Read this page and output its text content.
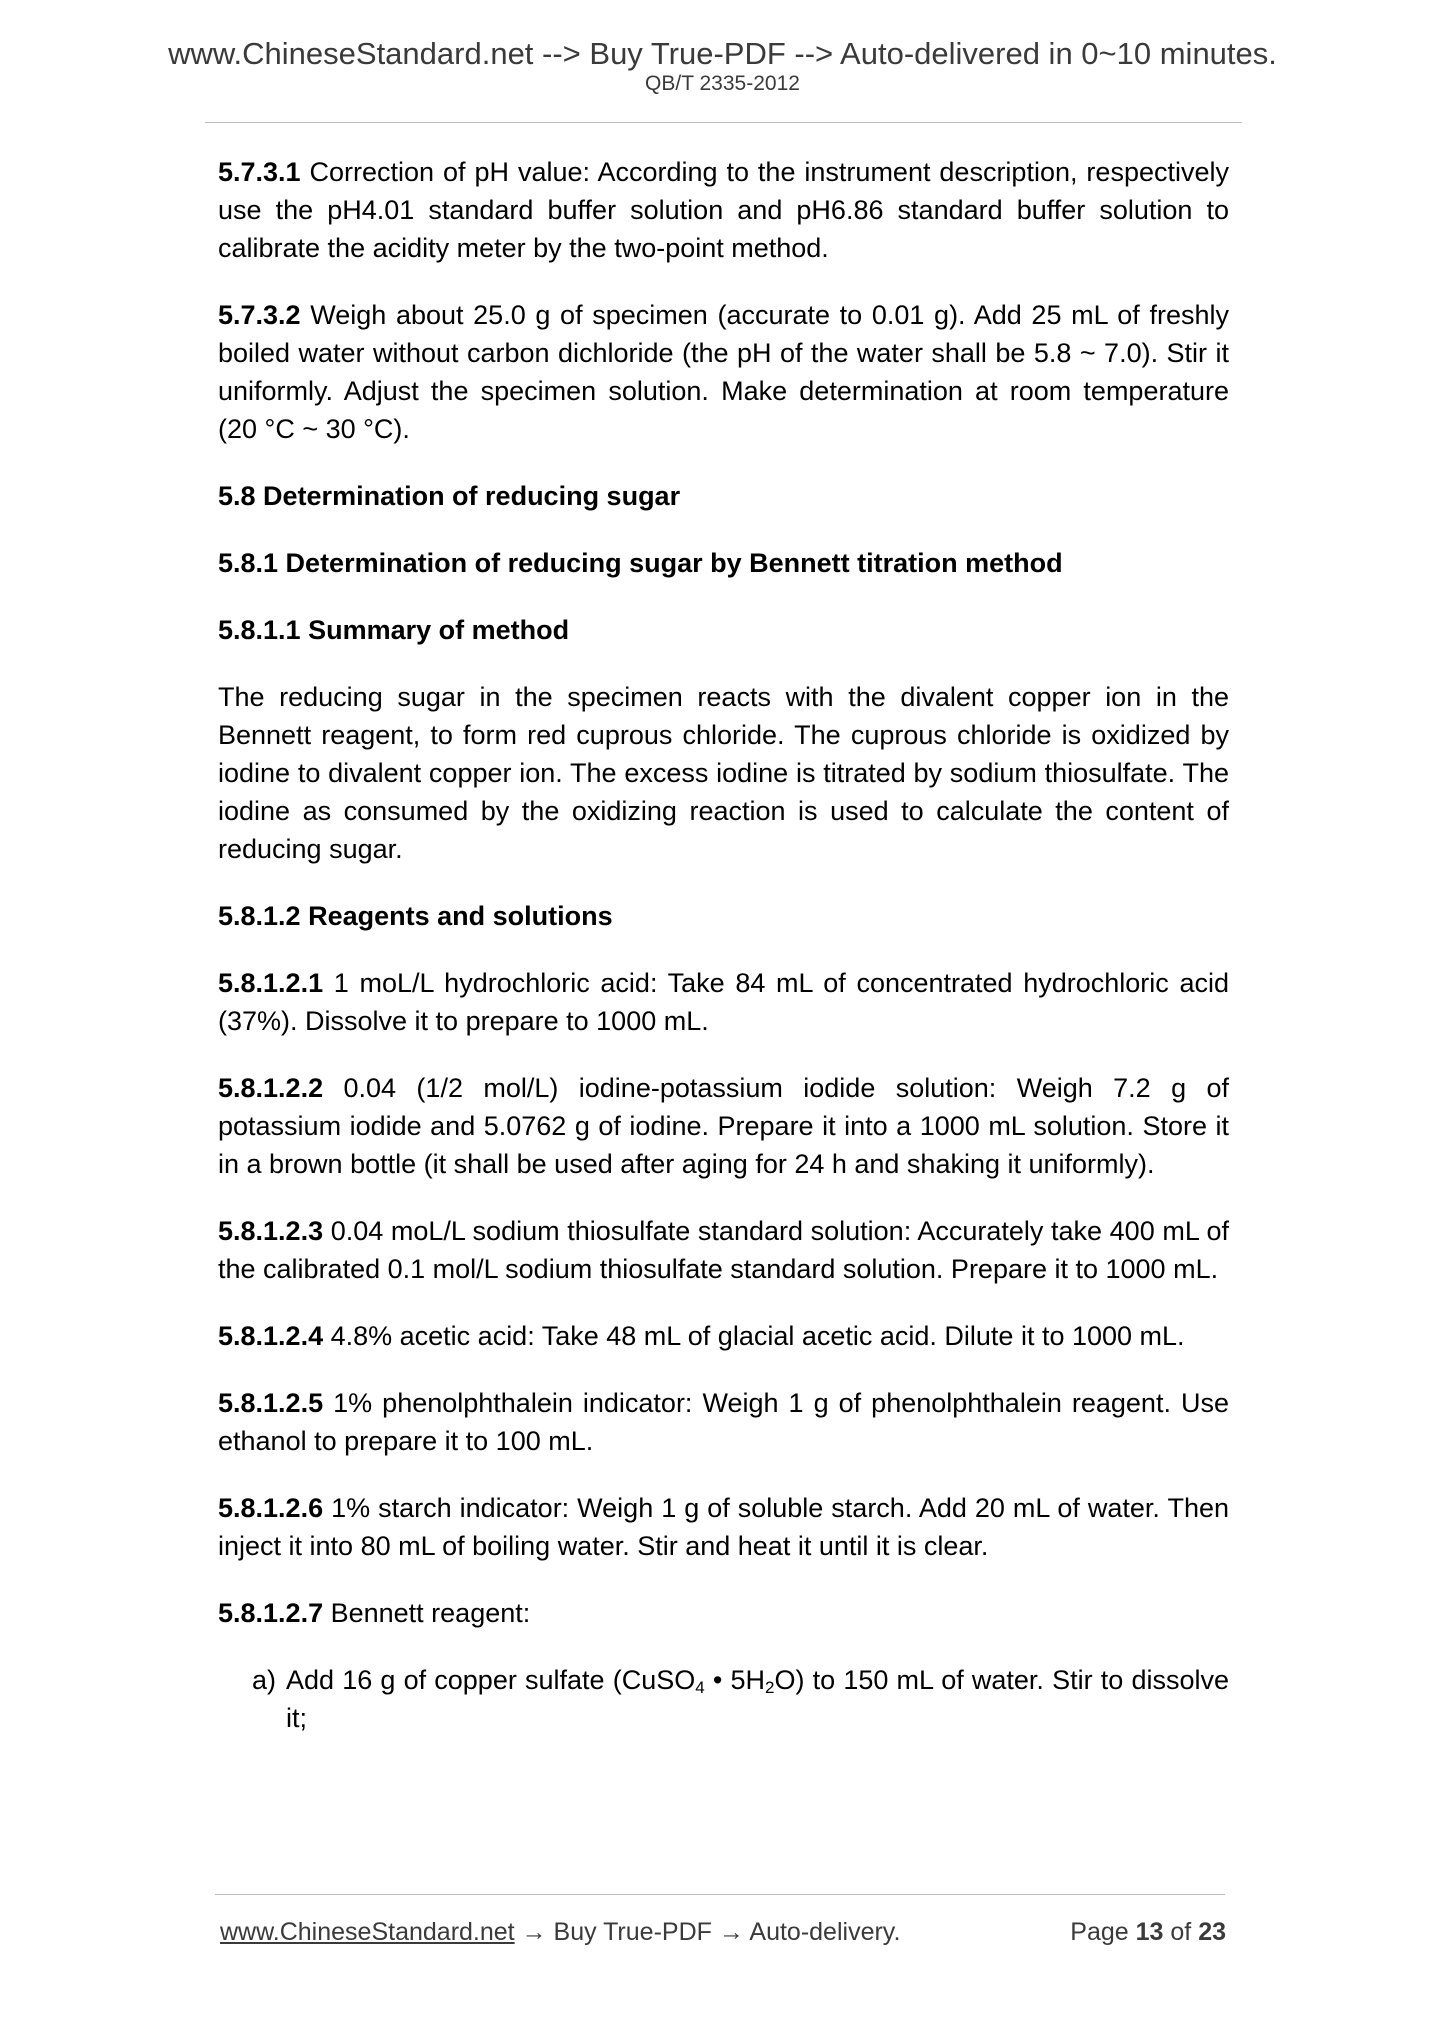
www.ChineseStandard.net --> Buy True-PDF --> Auto-delivered in 0~10 minutes.
QB/T 2335-2012

5.7.3.1 Correction of pH value: According to the instrument description, respectively use the pH4.01 standard buffer solution and pH6.86 standard buffer solution to calibrate the acidity meter by the two-point method.

5.7.3.2 Weigh about 25.0 g of specimen (accurate to 0.01 g). Add 25 mL of freshly boiled water without carbon dichloride (the pH of the water shall be 5.8 ~ 7.0). Stir it uniformly. Adjust the specimen solution. Make determination at room temperature (20 °C ~ 30 °C).

5.8 Determination of reducing sugar

5.8.1 Determination of reducing sugar by Bennett titration method

5.8.1.1 Summary of method

The reducing sugar in the specimen reacts with the divalent copper ion in the Bennett reagent, to form red cuprous chloride. The cuprous chloride is oxidized by iodine to divalent copper ion. The excess iodine is titrated by sodium thiosulfate. The iodine as consumed by the oxidizing reaction is used to calculate the content of reducing sugar.

5.8.1.2 Reagents and solutions

5.8.1.2.1 1 moL/L hydrochloric acid: Take 84 mL of concentrated hydrochloric acid (37%). Dissolve it to prepare to 1000 mL.

5.8.1.2.2 0.04 (1/2 mol/L) iodine-potassium iodide solution: Weigh 7.2 g of potassium iodide and 5.0762 g of iodine. Prepare it into a 1000 mL solution. Store it in a brown bottle (it shall be used after aging for 24 h and shaking it uniformly).

5.8.1.2.3 0.04 moL/L sodium thiosulfate standard solution: Accurately take 400 mL of the calibrated 0.1 mol/L sodium thiosulfate standard solution. Prepare it to 1000 mL.

5.8.1.2.4 4.8% acetic acid: Take 48 mL of glacial acetic acid. Dilute it to 1000 mL.

5.8.1.2.5 1% phenolphthalein indicator: Weigh 1 g of phenolphthalein reagent. Use ethanol to prepare it to 100 mL.

5.8.1.2.6 1% starch indicator: Weigh 1 g of soluble starch. Add 20 mL of water. Then inject it into 80 mL of boiling water. Stir and heat it until it is clear.

5.8.1.2.7 Bennett reagent:

a) Add 16 g of copper sulfate (CuSO$_4$ • $5H_2O$) to 150 mL of water. Stir to dissolve it;
www.ChineseStandard.net → Buy True-PDF → Auto-delivery.	Page 13 of 23
